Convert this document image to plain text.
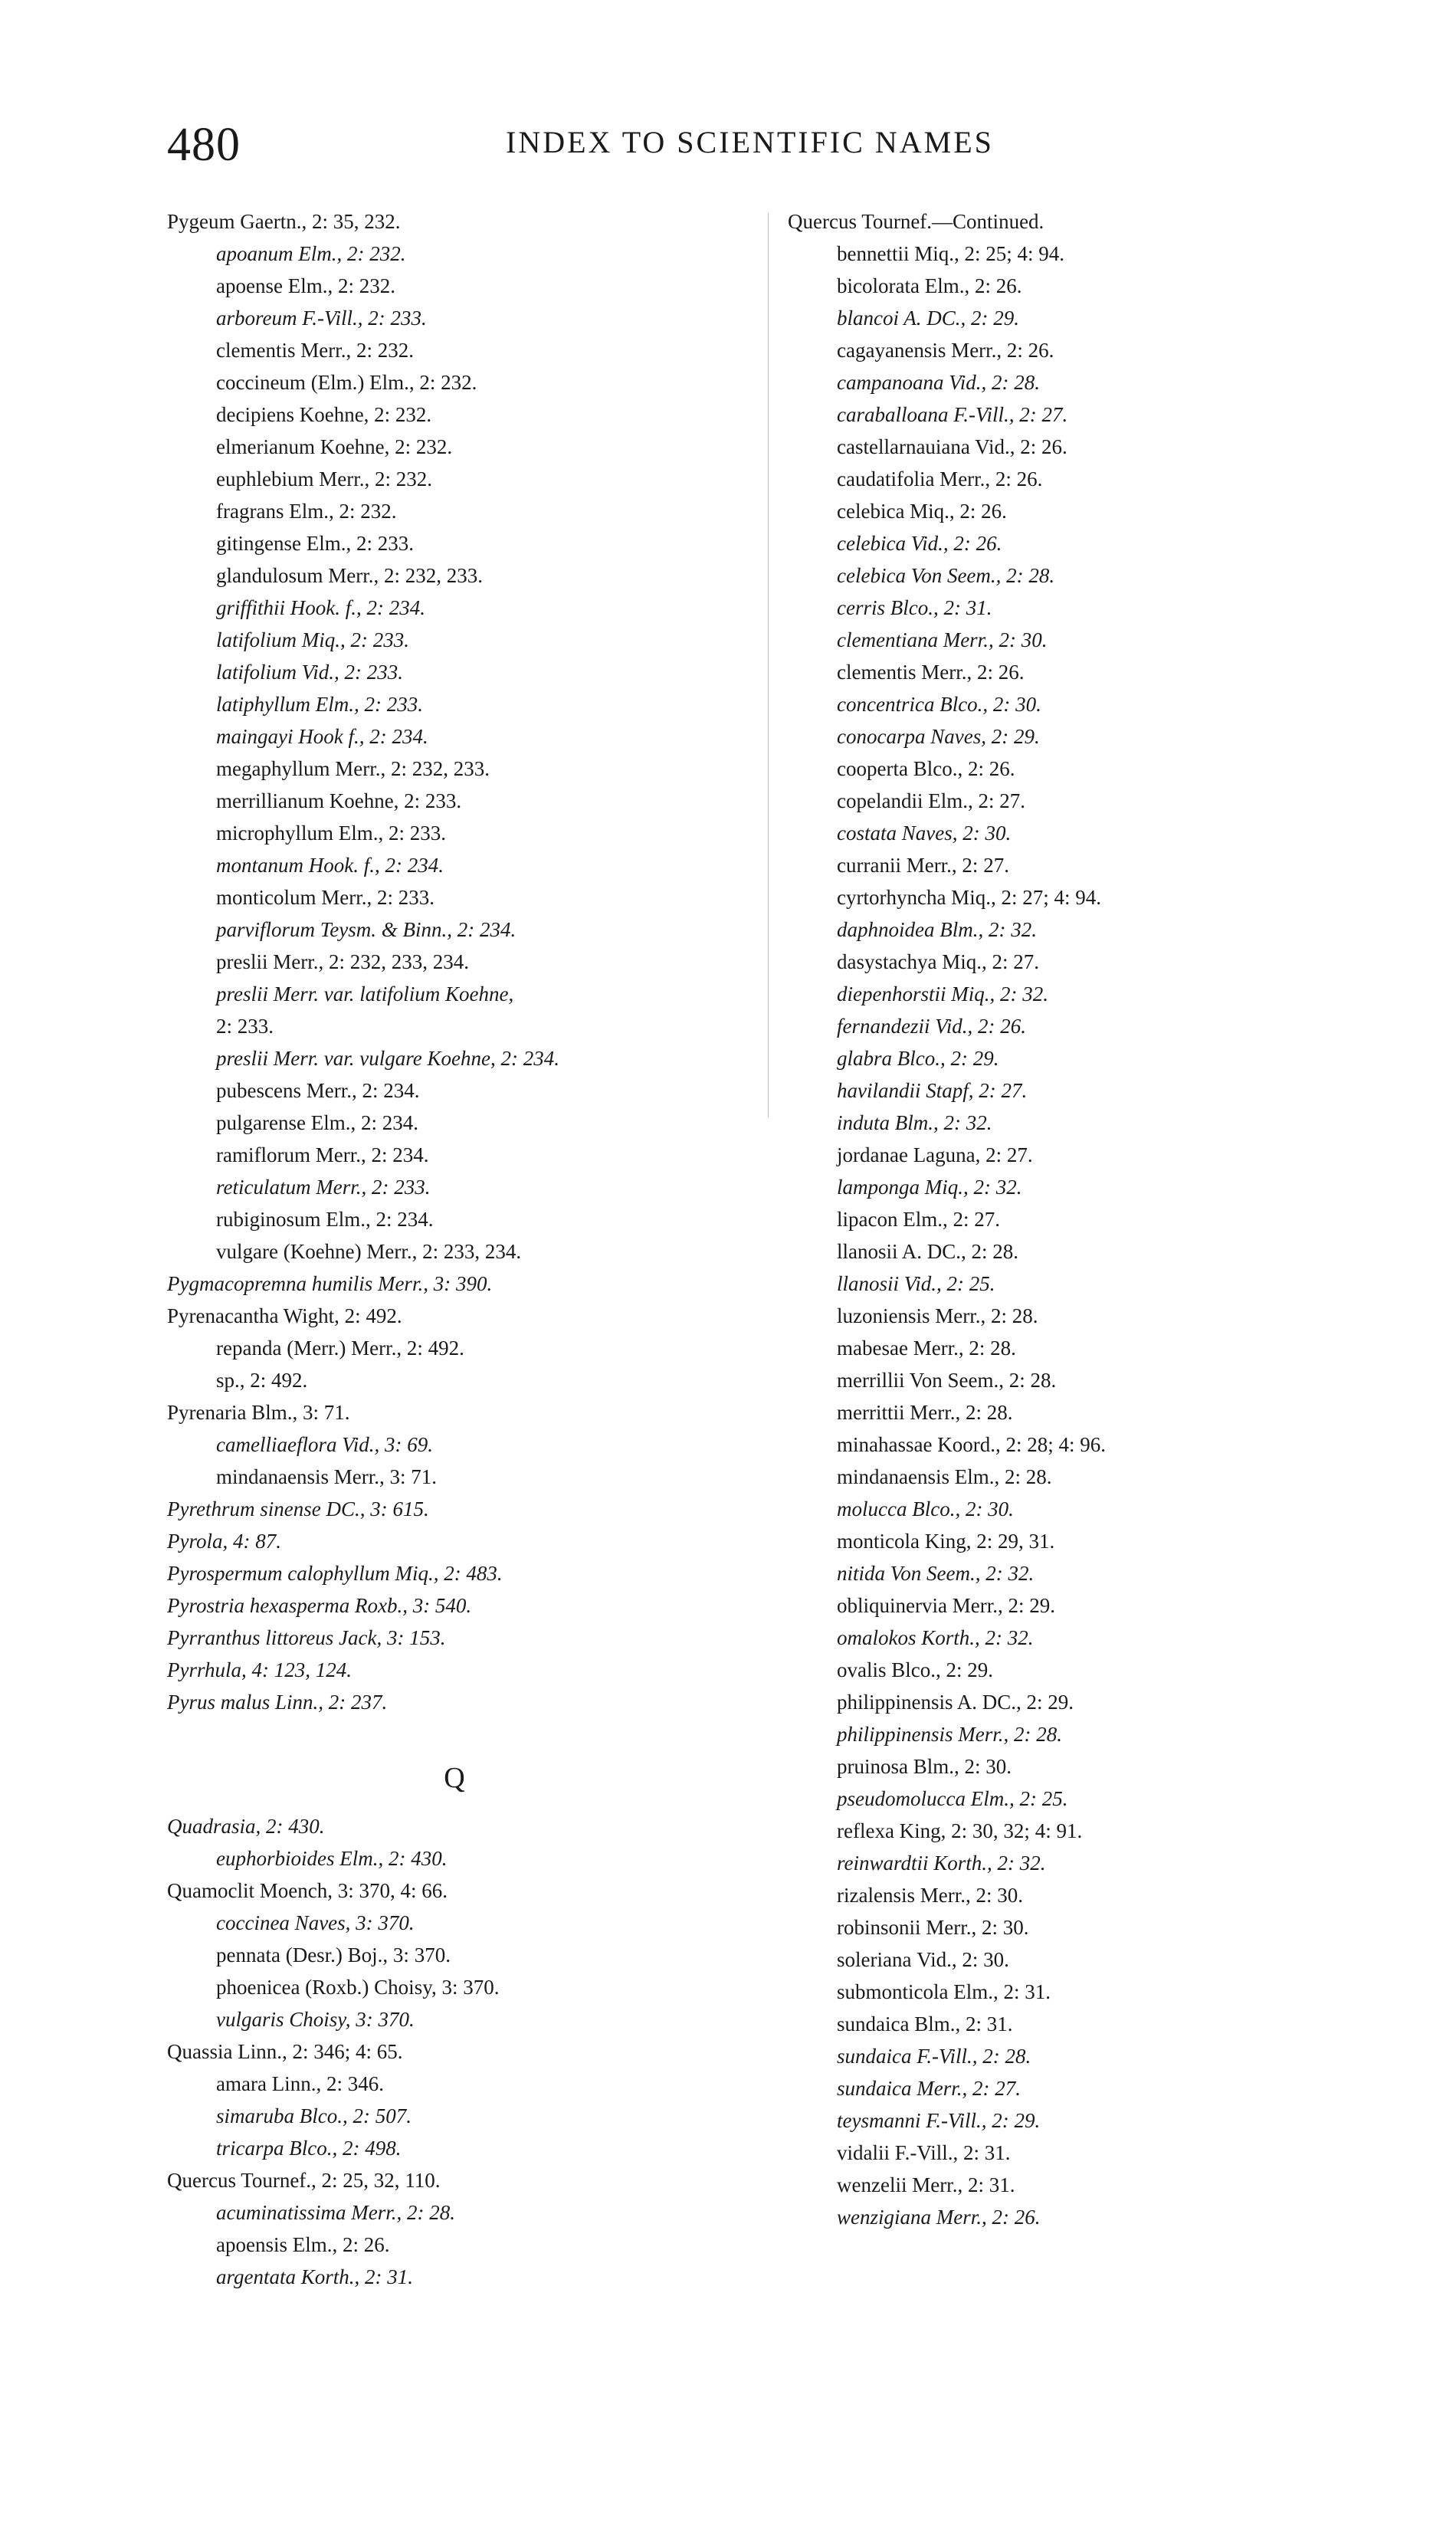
480	INDEX TO SCIENTIFIC NAMES
Pygeum Gaertn., 2: 35, 232.
apoanum Elm., 2: 232.
apoense Elm., 2: 232.
arboreum F.-Vill., 2: 233.
clementis Merr., 2: 232.
coccineum (Elm.) Elm., 2: 232.
decipiens Koehne, 2: 232.
elmerianum Koehne, 2: 232.
euphlebium Merr., 2: 232.
fragrans Elm., 2: 232.
gitingense Elm., 2: 233.
glandulosum Merr., 2: 232, 233.
griffithii Hook. f., 2: 234.
latifolium Miq., 2: 233.
latifolium Vid., 2: 233.
latiphyllum Elm., 2: 233.
maingayi Hook f., 2: 234.
megaphyllum Merr., 2: 232, 233.
merrillianum Koehne, 2: 233.
microphyllum Elm., 2: 233.
montanum Hook. f., 2: 234.
monticolum Merr., 2: 233.
parviflorum Teysm. & Binn., 2: 234.
preslii Merr., 2: 232, 233, 234.
preslii Merr. var. latifolium Koehne,
2: 233.
preslii Merr. var. vulgare Koehne, 2: 234.
pubescens Merr., 2: 234.
pulgarense Elm., 2: 234.
ramiflorum Merr., 2: 234.
reticulatum Merr., 2: 233.
rubiginosum Elm., 2: 234.
vulgare (Koehne) Merr., 2: 233, 234.
Pygmacopremna humilis Merr., 3: 390.
Pyrenacantha Wight, 2: 492.
repanda (Merr.) Merr., 2: 492.
sp., 2: 492.
Pyrenaria Blm., 3: 71.
camelliaeflora Vid., 3: 69.
mindanaensis Merr., 3: 71.
Pyrethrum sinense DC., 3: 615.
Pyrola, 4: 87.
Pyrospermum calophyllum Miq., 2: 483.
Pyrostria hexasperma Roxb., 3: 540.
Pyrranthus littoreus Jack, 3: 153.
Pyrrhula, 4: 123, 124.
Pyrus malus Linn., 2: 237.
Q
Quadrasia, 2: 430.
euphorbioides Elm., 2: 430.
Quamoclit Moench, 3: 370, 4: 66.
coccinea Naves, 3: 370.
pennata (Desr.) Boj., 3: 370.
phoenicea (Roxb.) Choisy, 3: 370.
vulgaris Choisy, 3: 370.
Quassia Linn., 2: 346; 4: 65.
amara Linn., 2: 346.
simaruba Blco., 2: 507.
tricarpa Blco., 2: 498.
Quercus Tournef., 2: 25, 32, 110.
acuminatissima Merr., 2: 28.
apoensis Elm., 2: 26.
argentata Korth., 2: 31.
Quercus Tournef.—Continued.
bennettii Miq., 2: 25; 4: 94.
bicolorata Elm., 2: 26.
blancoi A. DC., 2: 29.
cagayanensis Merr., 2: 26.
campanoana Vid., 2: 28.
caraballoana F.-Vill., 2: 27.
castellarnauiana Vid., 2: 26.
caudatifolia Merr., 2: 26.
celebica Miq., 2: 26.
celebica Vid., 2: 26.
celebica Von Seem., 2: 28.
cerris Blco., 2: 31.
clementiana Merr., 2: 30.
clementis Merr., 2: 26.
concentrica Blco., 2: 30.
conocarpa Naves, 2: 29.
cooperta Blco., 2: 26.
copelandii Elm., 2: 27.
costata Naves, 2: 30.
curranii Merr., 2: 27.
cyrtorhyncha Miq., 2: 27; 4: 94.
daphnoidea Blm., 2: 32.
dasystachya Miq., 2: 27.
diepenhorstii Miq., 2: 32.
fernandezii Vid., 2: 26.
glabra Blco., 2: 29.
havilandii Stapf, 2: 27.
induta Blm., 2: 32.
jordanae Laguna, 2: 27.
lampongа Miq., 2: 32.
lipacon Elm., 2: 27.
llanosii A. DC., 2: 28.
llanosii Vid., 2: 25.
luzoniensis Merr., 2: 28.
mabesae Merr., 2: 28.
merrillii Von Seem., 2: 28.
merrittii Merr., 2: 28.
minahassae Koord., 2: 28; 4: 96.
mindanaensis Elm., 2: 28.
molucca Blco., 2: 30.
monticola King, 2: 29, 31.
nitida Von Seem., 2: 32.
obliquinervia Merr., 2: 29.
omalokos Korth., 2: 32.
ovalis Blco., 2: 29.
philippinensis A. DC., 2: 29.
philippinensis Merr., 2: 28.
pruinosa Blm., 2: 30.
pseudomolucca Elm., 2: 25.
reflexa King, 2: 30, 32; 4: 91.
reinwardtii Korth., 2: 32.
rizalensis Merr., 2: 30.
robinsonii Merr., 2: 30.
solerianа Vid., 2: 30.
submonticola Elm., 2: 31.
sundaica Blm., 2: 31.
sundaica F.-Vill., 2: 28.
sundaica Merr., 2: 27.
teysmanni F.-Vill., 2: 29.
vidalii F.-Vill., 2: 31.
wenzelii Merr., 2: 31.
wenzigiana Merr., 2: 26.
